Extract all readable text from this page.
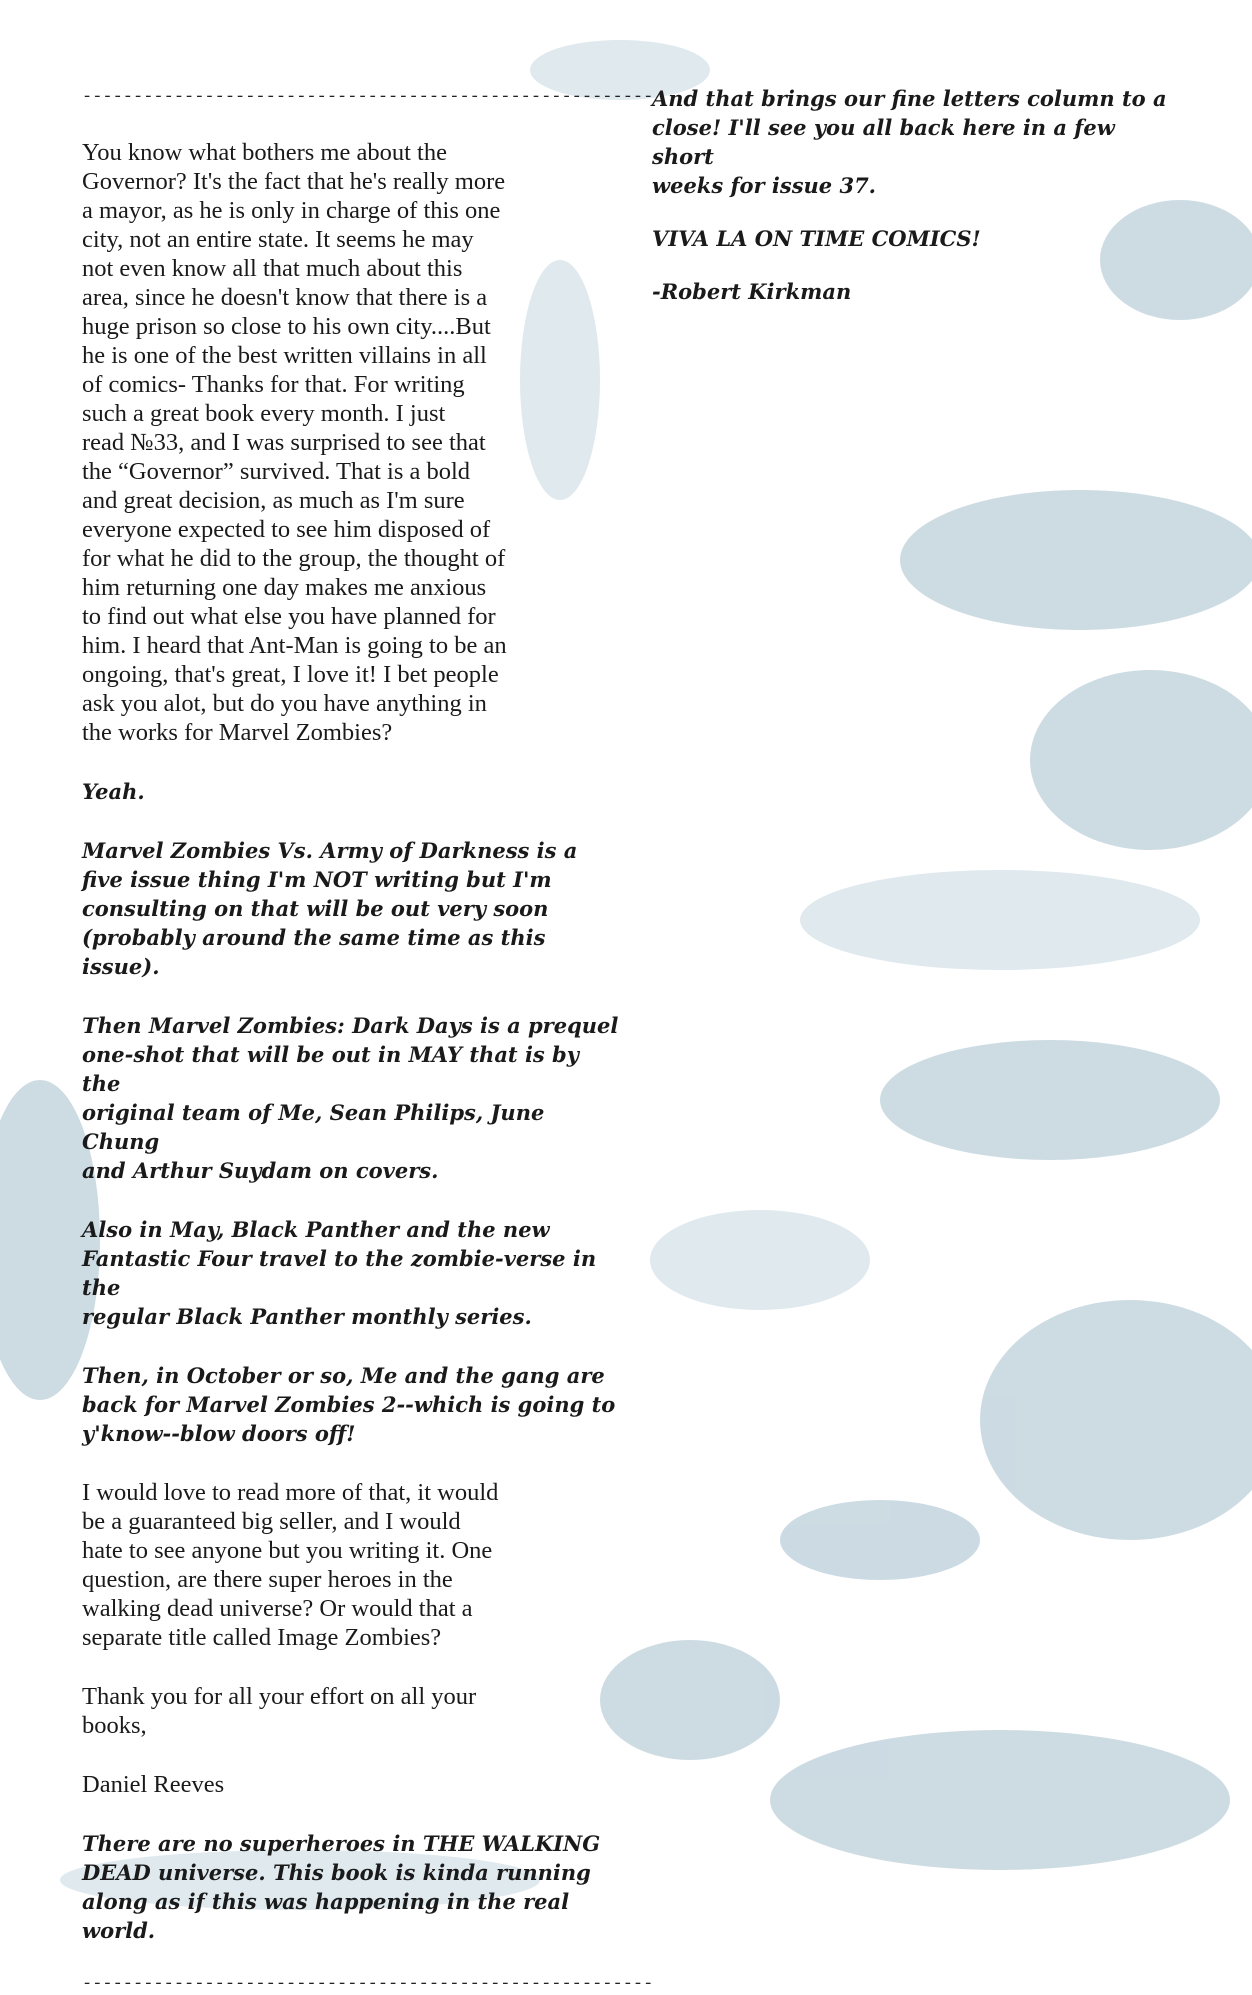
--------------------------------------------------------

You know what bothers me about the
Governor? It's the fact that he's really more
a mayor, as he is only in charge of this one
city, not an entire state. It seems he may
not even know all that much about this
area, since he doesn't know that there is a
huge prison so close to his own city....But
he is one of the best written villains in all
of comics- Thanks for that. For writing
such a great book every month. I just
read №33, and I was surprised to see that
the “Governor” survived. That is a bold
and great decision, as much as I'm sure
everyone expected to see him disposed of
for what he did to the group, the thought of
him returning one day makes me anxious
to find out what else you have planned for
him. I heard that Ant-Man is going to be an
ongoing, that's great, I love it! I bet people
ask you alot, but do you have anything in
the works for Marvel Zombies?

Yeah.

Marvel Zombies Vs. Army of Darkness is a
five issue thing I'm NOT writing but I'm
consulting on that will be out very soon
(probably around the same time as this issue).

Then Marvel Zombies: Dark Days is a prequel
one-shot that will be out in MAY that is by the
original team of Me, Sean Philips, June Chung
and Arthur Suydam on covers.

Also in May, Black Panther and the new
Fantastic Four travel to the zombie-verse in the
regular Black Panther monthly series.

Then, in October or so, Me and the gang are
back for Marvel Zombies 2--which is going to
y'know--blow doors off!

I would love to read more of that, it would
be a guaranteed big seller, and I would
hate to see anyone but you writing it. One
question, are there super heroes in the
walking dead universe? Or would that a
separate title called Image Zombies?

Thank you for all your effort on all your
books,

Daniel Reeves

There are no superheroes in THE WALKING
DEAD universe. This book is kinda running
along as if this was happening in the real world.

--------------------------------------------------------

And that brings our fine letters column to a
close! I'll see you all back here in a few short
weeks for issue 37.

VIVA LA ON TIME COMICS!

-Robert Kirkman
